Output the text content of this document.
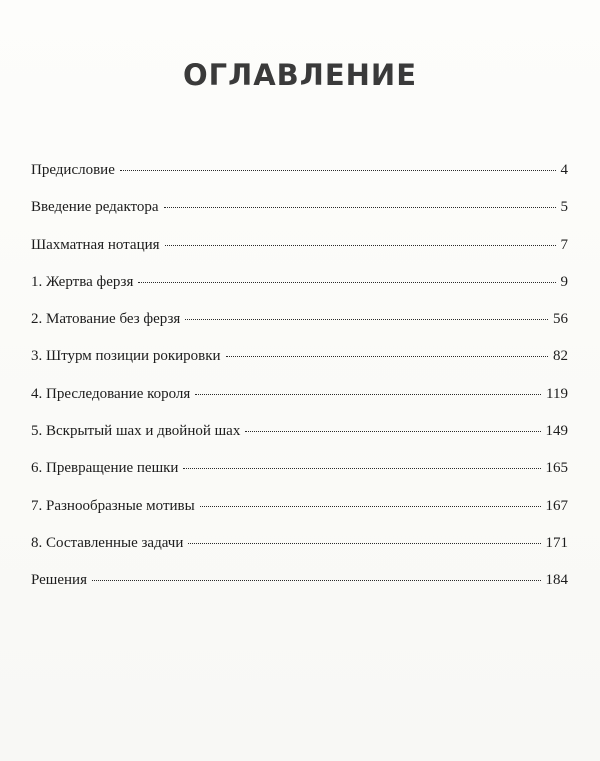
ОГЛАВЛЕНИЕ
Предисловие	4
Введение редактора	5
Шахматная нотация	7
1. Жертва ферзя	9
2. Матование без ферзя	56
3. Штурм позиции рокировки	82
4. Преследование короля	119
5. Вскрытый шах и двойной шах	149
6. Превращение пешки	165
7. Разнообразные мотивы	167
8. Составленные задачи	171
Решения	184
